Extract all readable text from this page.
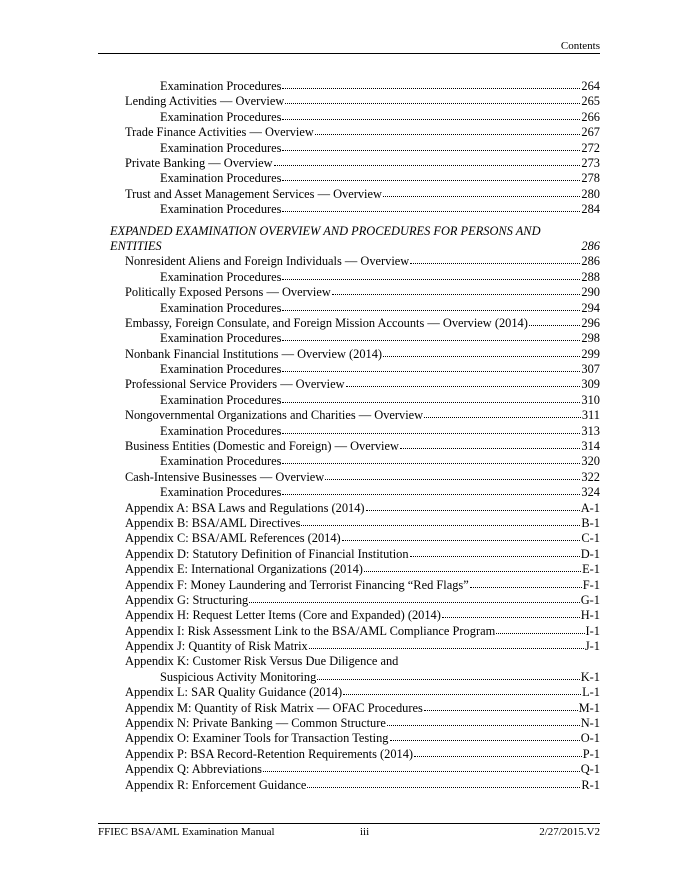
Contents
Examination Procedures	264
Lending Activities — Overview	265
Examination Procedures	266
Trade Finance Activities — Overview	267
Examination Procedures	272
Private Banking — Overview	273
Examination Procedures	278
Trust and Asset Management Services — Overview	280
Examination Procedures	284
EXPANDED EXAMINATION OVERVIEW AND PROCEDURES FOR PERSONS AND
ENTITIES	286
Nonresident Aliens and Foreign Individuals — Overview	286
Examination Procedures	288
Politically Exposed Persons — Overview	290
Examination Procedures	294
Embassy, Foreign Consulate, and Foreign Mission Accounts — Overview (2014)	296
Examination Procedures	298
Nonbank Financial Institutions — Overview (2014)	299
Examination Procedures	307
Professional Service Providers — Overview	309
Examination Procedures	310
Nongovernmental Organizations and Charities — Overview	311
Examination Procedures	313
Business Entities (Domestic and Foreign) — Overview	314
Examination Procedures	320
Cash-Intensive Businesses — Overview	322
Examination Procedures	324
Appendix A: BSA Laws and Regulations (2014)	A-1
Appendix B: BSA/AML Directives	B-1
Appendix C: BSA/AML References (2014)	C-1
Appendix D: Statutory Definition of Financial Institution	D-1
Appendix E: International Organizations (2014)	E-1
Appendix F: Money Laundering and Terrorist Financing “Red Flags”	F-1
Appendix G: Structuring	G-1
Appendix H: Request Letter Items (Core and Expanded) (2014)	H-1
Appendix I: Risk Assessment Link to the BSA/AML Compliance Program	I-1
Appendix J: Quantity of Risk Matrix	J-1
Appendix K: Customer Risk Versus Due Diligence and
Suspicious Activity Monitoring	K-1
Appendix L: SAR Quality Guidance (2014)	L-1
Appendix M: Quantity of Risk Matrix — OFAC Procedures	M-1
Appendix N: Private Banking — Common Structure	N-1
Appendix O: Examiner Tools for Transaction Testing	O-1
Appendix P: BSA Record-Retention Requirements (2014)	P-1
Appendix Q: Abbreviations	Q-1
Appendix R: Enforcement Guidance	R-1
FFIEC BSA/AML Examination Manual	iii	2/27/2015.V2
